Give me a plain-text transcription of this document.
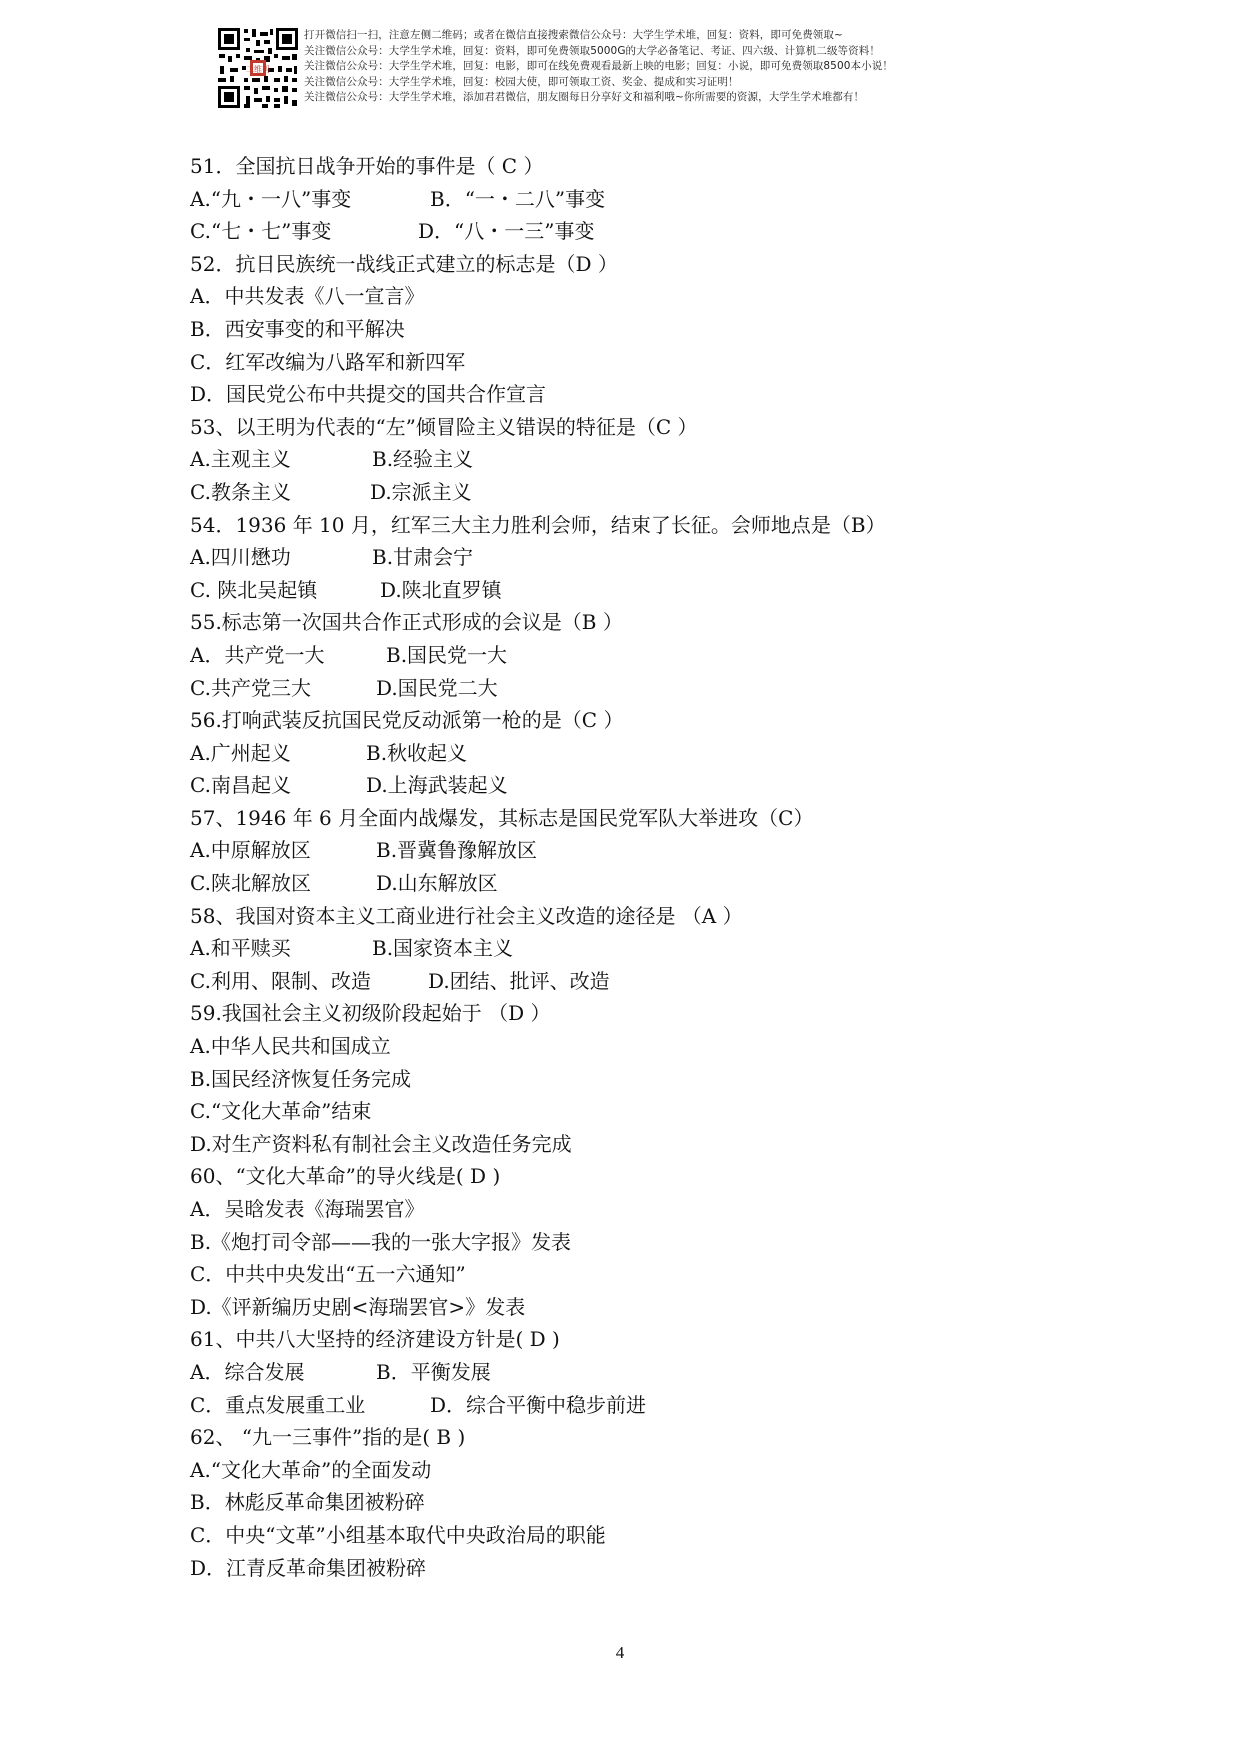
二维码
打开微信扫一扫，注意左侧二维码；或者在微信直接搜索微信公众号：大学生学术堆，回复：资料，即可免费领取~
关注微信公众号：大学生学术堆，回复：资料，即可免费领取5000G的大学必备笔记、考证、四六级、计算机二级等资料！
关注微信公众号：大学生学术堆，回复：电影，即可在线免费观看最新上映的电影；回复：小说，即可免费领取8500本小说！
关注微信公众号：大学生学术堆，回复：校园大使，即可领取工资、奖金、提成和实习证明！
关注微信公众号：大学生学术堆，添加君君微信，朋友圈每日分享好文和福利哦~你所需要的资源，大学生学术堆都有！
51．全国抗日战争开始的事件是（ C ）
A.“九・一八”事变	B．“一・二八”事变
C.“七・七”事变	D．“八・一三”事变
52．抗日民族统一战线正式建立的标志是（D ）
A．中共发表《八一宣言》
B．西安事变的和平解决
C．红军改编为八路军和新四军
D．国民党公布中共提交的国共合作宣言
53、以王明为代表的“左”倾冒险主义错误的特征是（C ）
A.主观主义	B.经验主义
C.教条主义	D.宗派主义
54．1936 年 10 月，红军三大主力胜利会师，结束了长征。会师地点是（B）
A.四川懋功	B.甘肃会宁
C. 陕北吴起镇	D.陕北直罗镇
55.标志第一次国共合作正式形成的会议是（B ）
A．共产党一大	B.国民党一大
C.共产党三大	D.国民党二大
56.打响武装反抗国民党反动派第一枪的是（C ）
A.广州起义	B.秋收起义
C.南昌起义	D.上海武装起义
57、1946 年 6 月全面内战爆发，其标志是国民党军队大举进攻（C）
A.中原解放区	B.晋冀鲁豫解放区
C.陕北解放区	D.山东解放区
58、我国对资本主义工商业进行社会主义改造的途径是 （A ）
A.和平赎买	B.国家资本主义
C.利用、限制、改造	D.团结、批评、改造
59.我国社会主义初级阶段起始于 （D ）
A.中华人民共和国成立
B.国民经济恢复任务完成
C.“文化大革命”结束
D.对生产资料私有制社会主义改造任务完成
60、“文化大革命”的导火线是( D )
A．吴晗发表《海瑞罢官》
B.《炮打司令部——我的一张大字报》发表
C．中共中央发出“五一六通知”
D.《评新编历史剧<海瑞罢官>》发表
61、中共八大坚持的经济建设方针是( D )
A．综合发展	B．平衡发展
C．重点发展重工业	D．综合平衡中稳步前进
62、 “九一三事件”指的是( B )
A.“文化大革命”的全面发动
B．林彪反革命集团被粉碎
C．中央“文革”小组基本取代中央政治局的职能
D．江青反革命集团被粉碎
4
